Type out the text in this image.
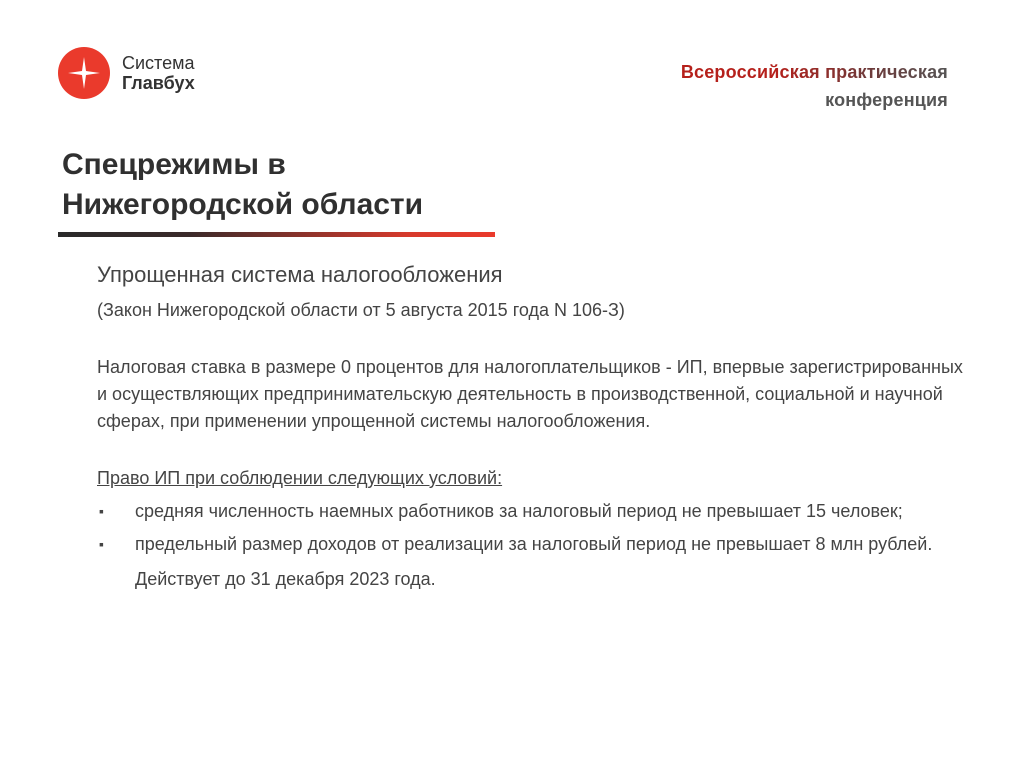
Система
Главбух
Всероссийская практическая
конференция
Спецрежимы в
Нижегородской области
Упрощенная система налогообложения
(Закон Нижегородской области от 5 августа 2015 года N 106-З)
Налоговая ставка в размере 0 процентов для налогоплательщиков - ИП, впервые зарегистрированных и осуществляющих предпринимательскую деятельность в производственной, социальной и научной сферах, при применении упрощенной системы налогообложения.
Право ИП при соблюдении следующих условий:
▪ средняя численность наемных работников за налоговый период не превышает 15 человек;
▪ предельный размер доходов от реализации за налоговый период не превышает 8 млн рублей.
Действует до 31 декабря 2023 года.
